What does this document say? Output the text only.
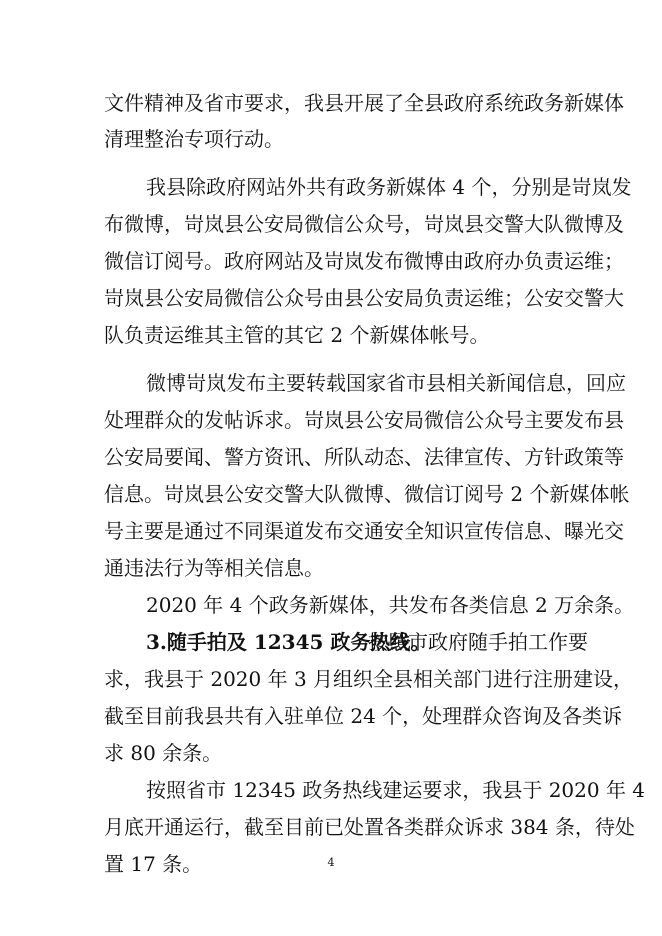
文件精神及省市要求，我县开展了全县政府系统政务新媒体
清理整治专项行动。
我县除政府网站外共有政务新媒体 4 个，分别是岢岚发
布微博，岢岚县公安局微信公众号，岢岚县交警大队微博及
微信订阅号。政府网站及岢岚发布微博由政府办负责运维；
岢岚县公安局微信公众号由县公安局负责运维；公安交警大
队负责运维其主管的其它 2 个新媒体帐号。
微博岢岚发布主要转载国家省市县相关新闻信息，回应
处理群众的发帖诉求。岢岚县公安局微信公众号主要发布县
公安局要闻、警方资讯、所队动态、法律宣传、方针政策等
信息。岢岚县公安交警大队微博、微信订阅号 2 个新媒体帐
号主要是通过不同渠道发布交通安全知识宣传信息、曝光交
通违法行为等相关信息。
2020 年 4 个政务新媒体，共发布各类信息 2 万余条。
3.随手拍及 12345 政务热线。
按照市政府随手拍工作要
求，我县于 2020 年 3 月组织全县相关部门进行注册建设，
截至目前我县共有入驻单位 24 个，处理群众咨询及各类诉
求 80 余条。
按照省市 12345 政务热线建运要求，我县于 2020 年 4
月底开通运行，截至目前已处置各类群众诉求 384 条，待处
置 17 条。	4
